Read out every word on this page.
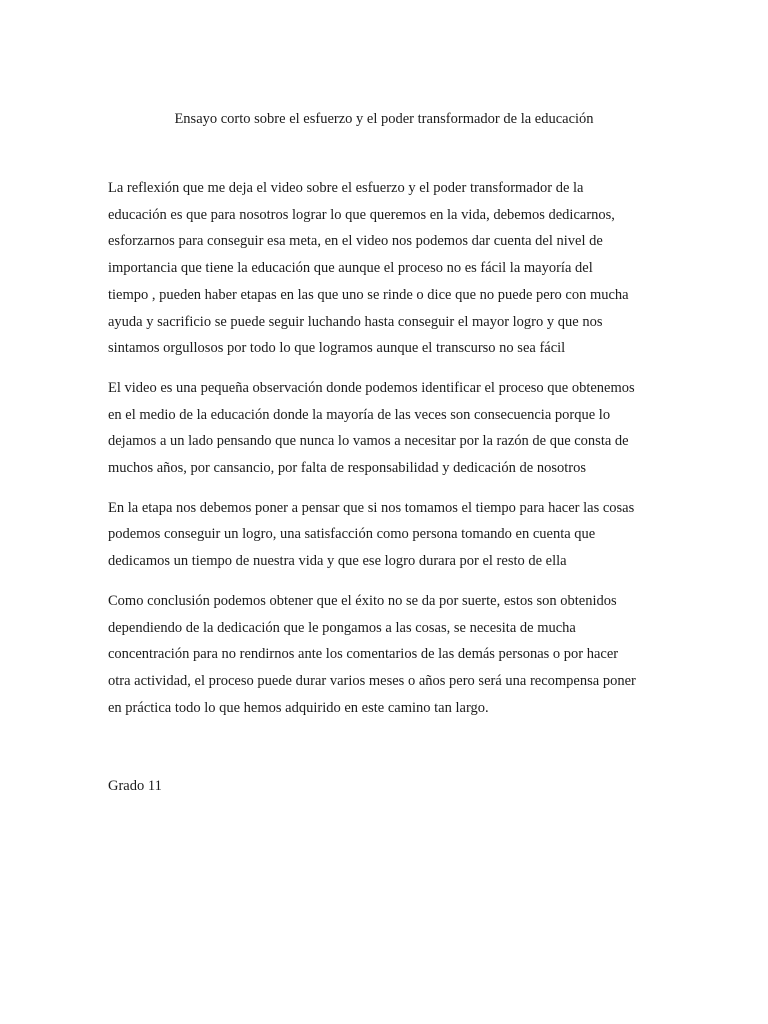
Ensayo corto sobre el esfuerzo y el poder transformador de la educación

La reflexión que me deja el video sobre el esfuerzo y el poder transformador de la
educación es que para nosotros lograr lo que queremos en la vida, debemos dedicarnos,
esforzarnos para conseguir esa meta, en el video nos podemos dar cuenta del nivel de
importancia que tiene la educación que aunque el proceso no es fácil la mayoría del
tiempo , pueden haber etapas en las que uno se rinde o dice que no puede pero con mucha
ayuda y sacrificio se puede seguir luchando hasta conseguir el mayor logro y que nos
sintamos orgullosos por todo lo que logramos aunque el transcurso no sea fácil

El video es una pequeña observación donde podemos identificar el proceso que obtenemos
en el medio de la educación donde la mayoría de las veces son consecuencia porque lo
dejamos a un lado pensando que nunca lo vamos a necesitar por la razón de que consta de
muchos años, por cansancio, por falta de responsabilidad y dedicación de nosotros

En la etapa nos debemos poner a pensar que si nos tomamos el tiempo para hacer las cosas
podemos conseguir un logro, una satisfacción como persona tomando en cuenta que
dedicamos un tiempo de nuestra vida y que ese logro durara por el resto de ella

Como conclusión podemos obtener que el éxito no se da por suerte, estos son obtenidos
dependiendo de la dedicación que le pongamos a las cosas, se necesita de mucha
concentración para no rendirnos ante los comentarios de las demás personas o por hacer
otra actividad, el proceso puede durar varios meses o años pero será una recompensa poner
en práctica todo lo que hemos adquirido en este camino tan largo.

Grado 11
